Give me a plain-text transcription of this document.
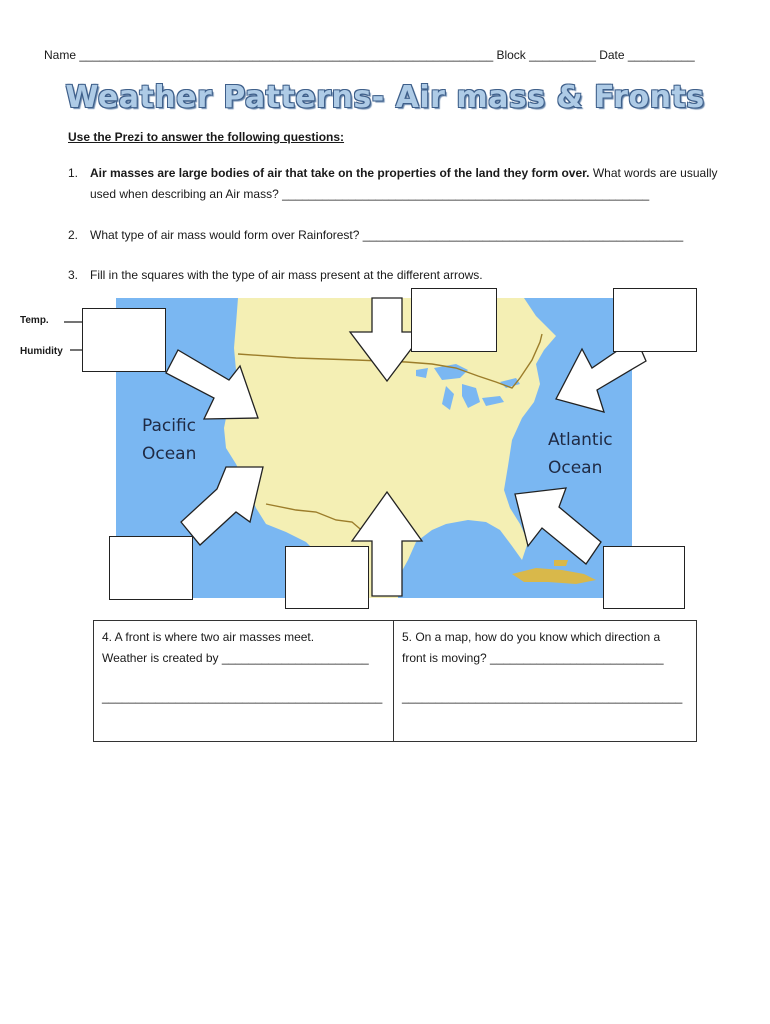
Name ______________________________________________________________ Block __________ Date __________
Weather Patterns- Air mass & Fronts
Use the Prezi to answer the following questions:
1. Air masses are large bodies of air that take on the properties of the land they form over. What words are usually used when describing an Air mass? _______________________________________________________
2. What type of air mass would form over Rainforest? ________________________________________________
3. Fill in the squares with the type of air mass present at the different arrows.
Pacific
Ocean
Atlantic
Ocean
Temp.
Humidity
4. A front is where two air masses meet.
Weather is created by ______________________
__________________________________________
5. On a map, how do you know which direction a
front is moving? __________________________
__________________________________________
